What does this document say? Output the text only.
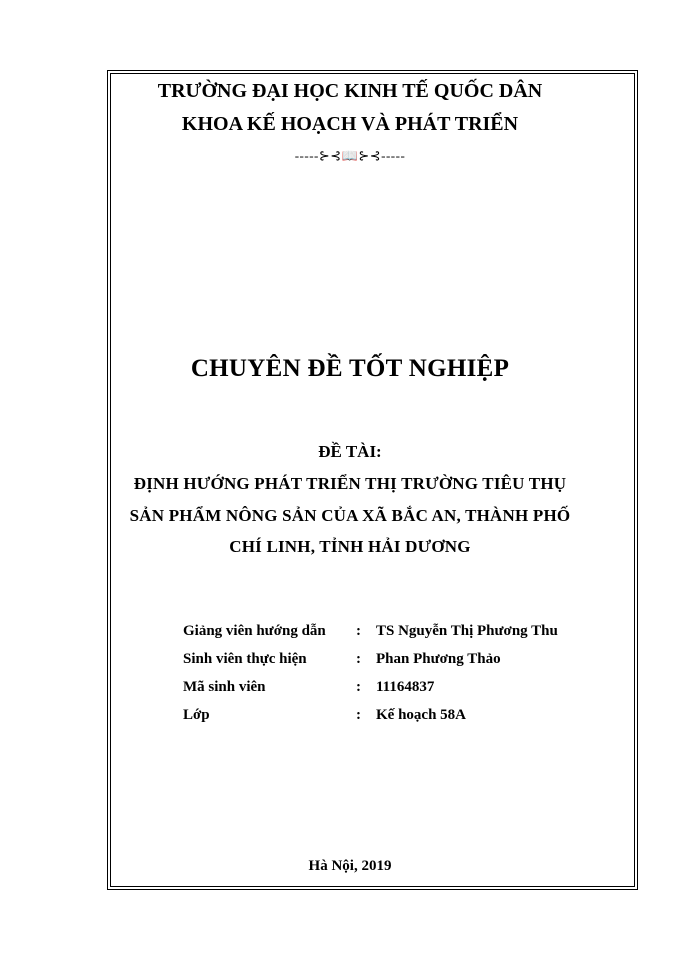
TRƯỜNG ĐẠI HỌC KINH TẾ QUỐC DÂN
KHOA KẾ HOẠCH VÀ PHÁT TRIỂN
-----⊱⊰📖⊱⊰-----
CHUYÊN ĐỀ TỐT NGHIỆP
ĐỀ TÀI:
ĐỊNH HƯỚNG PHÁT TRIỂN THỊ TRƯỜNG TIÊU THỤ
SẢN PHẨM NÔNG SẢN CỦA XÃ BẮC AN, THÀNH PHỐ
CHÍ LINH, TỈNH HẢI DƯƠNG
Giảng viên hướng dẫn : TS Nguyễn Thị Phương Thu
Sinh viên thực hiện	: Phan Phương Thảo
Mã sinh viên	: 11164837
Lớp	: Kế hoạch 58A
Hà Nội, 2019
